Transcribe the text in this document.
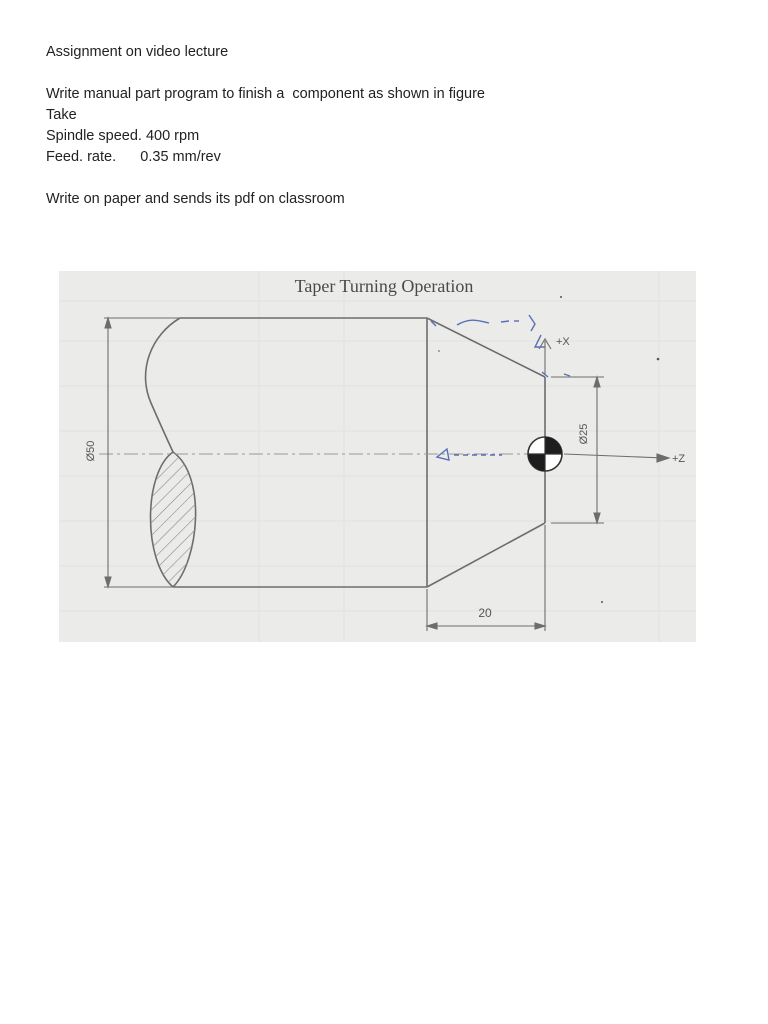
Assignment on video lecture

Write manual part program to finish a  component as shown in figure

Take

Spindle speed. 400 rpm

Feed. rate.      0.35 mm/rev

Write on paper and sends its pdf on classroom

Taper Turning Operation
Ø50
Ø25
20
+Z
+X
